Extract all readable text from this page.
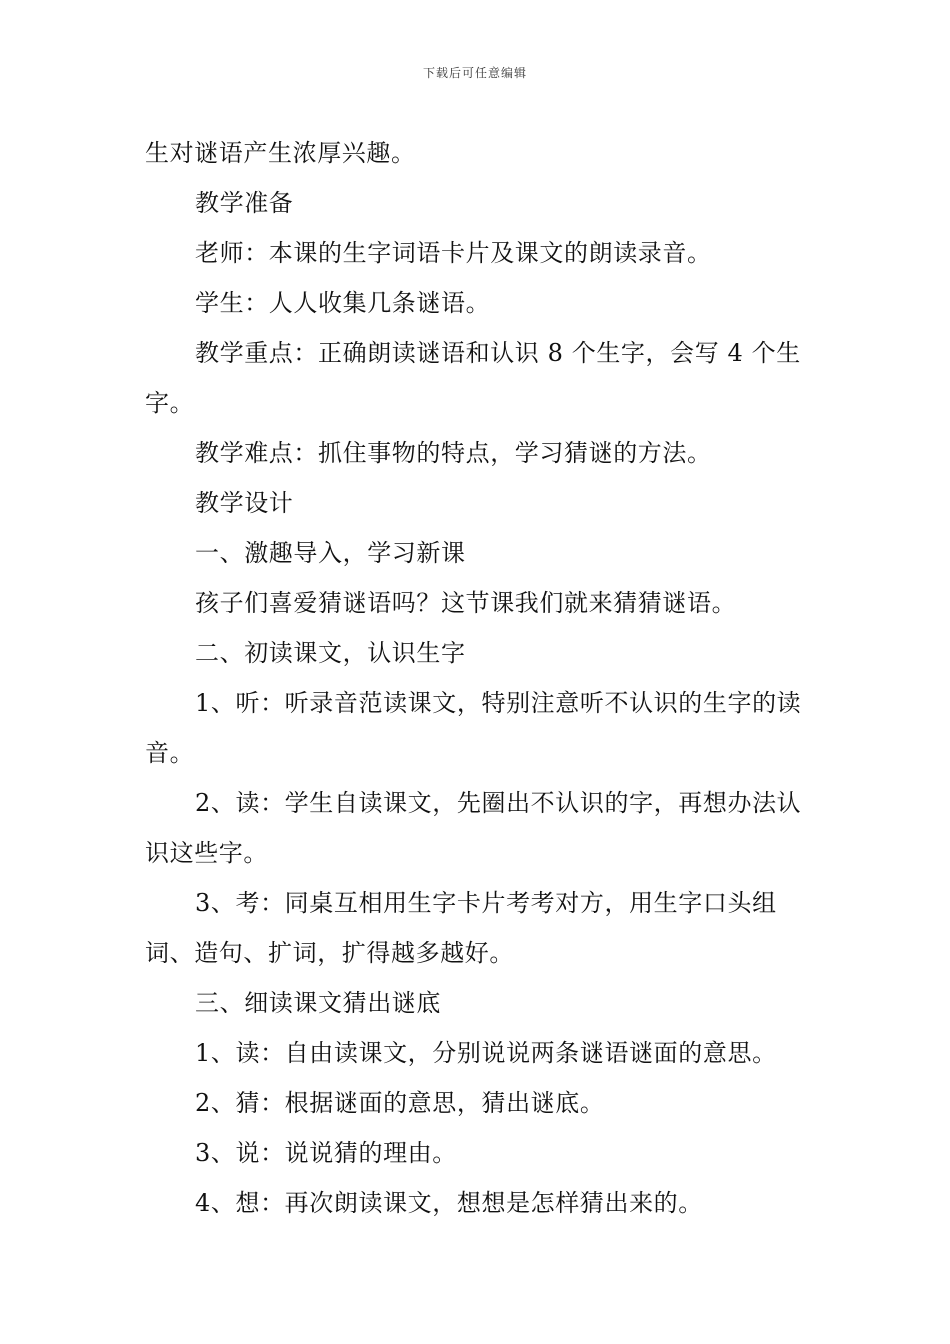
下载后可任意编辑

生对谜语产生浓厚兴趣。

教学准备

老师：本课的生字词语卡片及课文的朗读录音。

学生：人人收集几条谜语。

教学重点：正确朗读谜语和认识 8 个生字，会写 4 个生字。

教学难点：抓住事物的特点，学习猜谜的方法。

教学设计

一、激趣导入，学习新课

孩子们喜爱猜谜语吗？这节课我们就来猜猜谜语。

二、初读课文，认识生字

1、听：听录音范读课文，特别注意听不认识的生字的读音。

2、读：学生自读课文，先圈出不认识的字，再想办法认识这些字。

3、考：同桌互相用生字卡片考考对方，用生字口头组词、造句、扩词，扩得越多越好。

三、细读课文猜出谜底

1、读：自由读课文，分别说说两条谜语谜面的意思。

2、猜：根据谜面的意思，猜出谜底。

3、说：说说猜的理由。

4、想：再次朗读课文，想想是怎样猜出来的。
